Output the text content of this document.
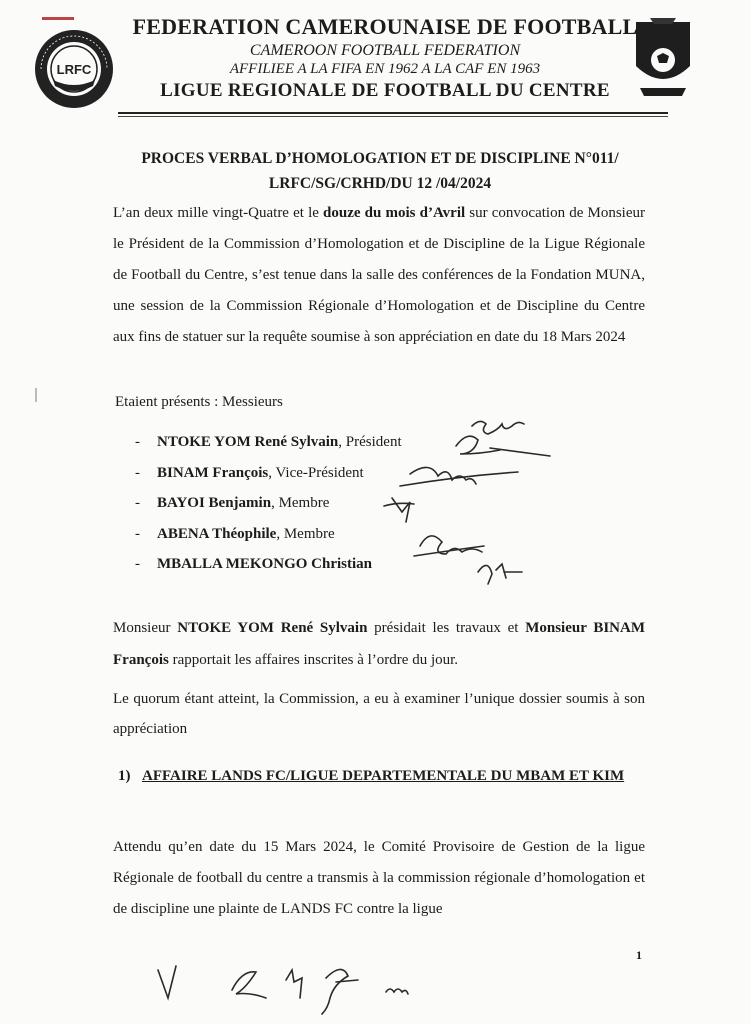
LRFC
FEDERATION CAMEROUNAISE DE FOOTBALL
CAMEROON FOOTBALL FEDERATION
AFFILIEE A LA FIFA EN 1962 A LA CAF EN 1963
LIGUE REGIONALE DE FOOTBALL DU CENTRE
PROCES VERBAL D’HOMOLOGATION ET DE DISCIPLINE N°011/
LRFC/SG/CRHD/DU 12 /04/2024
L’an deux mille vingt-Quatre et le douze du mois d’Avril sur convocation de Monsieur le Président de la Commission d’Homologation et de Discipline de la Ligue Régionale de Football du Centre, s’est tenue dans la salle des conférences de la Fondation MUNA, une session de la Commission Régionale d’Homologation et de Discipline du Centre aux fins de statuer sur la requête soumise à son appréciation en date du 18 Mars 2024
Etaient présents : Messieurs
- NTOKE YOM René Sylvain, Président
- BINAM François, Vice-Président
- BAYOI Benjamin, Membre
- ABENA Théophile, Membre
- MBALLA MEKONGO Christian
Monsieur NTOKE YOM René Sylvain présidait les travaux et Monsieur BINAM François rapportait les affaires inscrites à l’ordre du jour.
Le quorum étant atteint, la Commission, a eu à examiner l’unique dossier soumis à son appréciation
1) AFFAIRE LANDS FC/LIGUE DEPARTEMENTALE DU MBAM ET KIM
Attendu qu’en date du 15 Mars 2024, le Comité Provisoire de Gestion de la ligue Régionale de football du centre a transmis à la commission régionale d’homologation et de discipline une plainte de LANDS FC contre la ligue
1
